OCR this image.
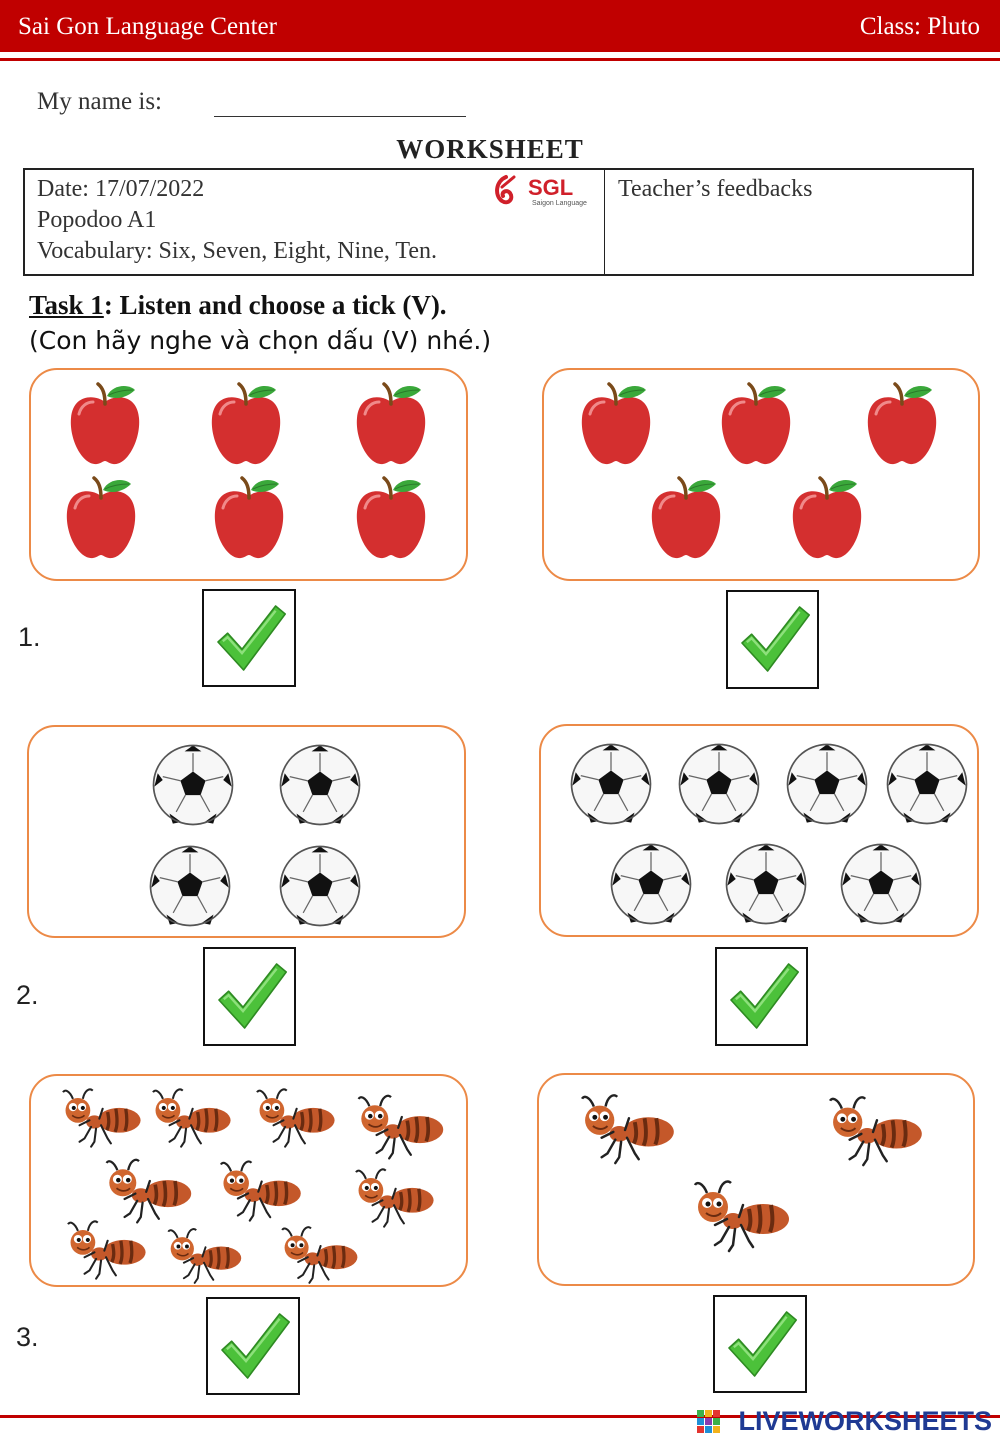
Sai Gon Language Center	Class: Pluto
My name is:
WORKSHEET
Date: 17/07/2022
Popodoo A1
Vocabulary: Six, Seven, Eight, Nine, Ten.
SGL
Saigon Language
Teacher’s feedbacks
Task 1: Listen and choose a tick (V).
(Con hãy nghe và chọn dấu (V) nhé.)
1.
2.
3.
LIVEWORKSHEETS
